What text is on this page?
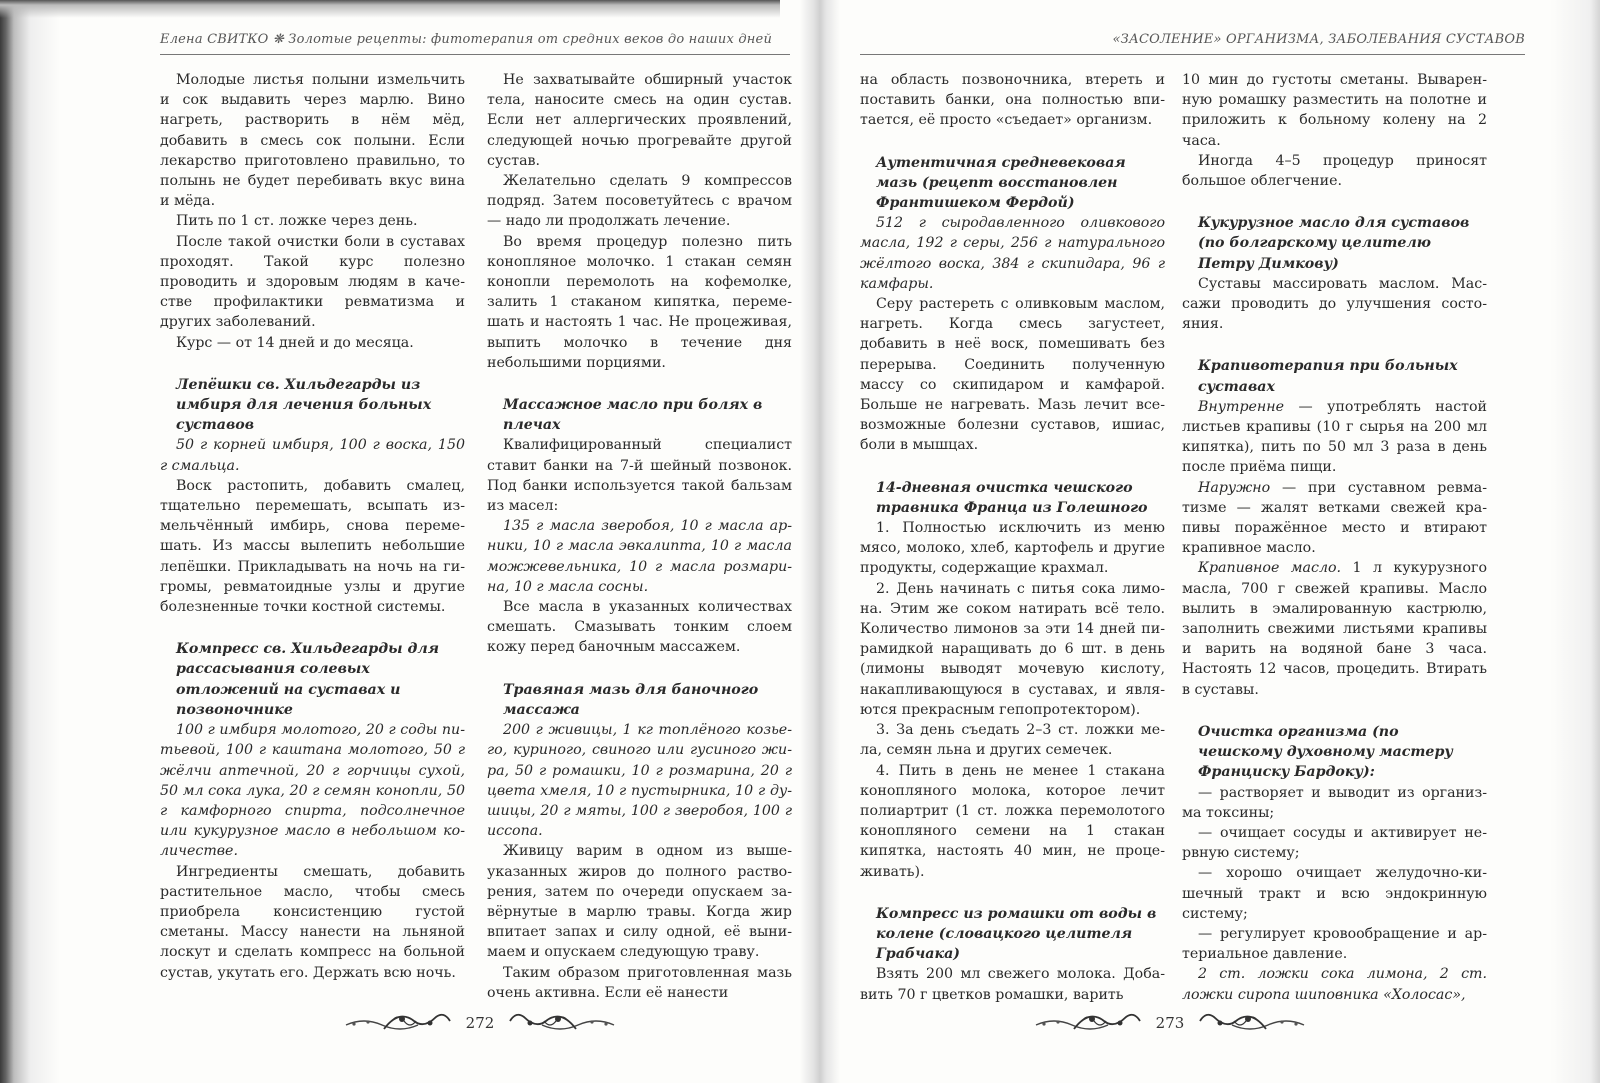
Елена СВИТКО ❋ Золотые рецепты: фитотерапия от средних веков до наших дней

Молодые листья полыни измельчить и сок выдавить через марлю. Вино нагреть, растворить в нём мёд, добавить в смесь сок полыни. Если лекарство приготовлено правильно, то полынь не будет перебивать вкус вина и мёда.

Пить по 1 ст. ложке через день.

После такой очистки боли в суставах проходят. Такой курс полезно проводить и здоровым людям в качестве профилактики ревматизма и других заболеваний.

Курс — от 14 дней и до месяца.

Лепёшки св. Хильдегарды из имбиря для лечения больных суставов

50 г корней имбиря, 100 г воска, 150 г смальца.

Воск растопить, добавить смалец, тщательно перемешать, всыпать измельчённый имбирь, снова перемешать. Из массы вылепить небольшие лепёшки. Прикладывать на ночь на гигромы, ревматоидные узлы и другие болезненные точки костной системы.

Компресс св. Хильдегарды для рассасывания солевых отложений на суставах и позвоночнике

100 г имбиря молотого, 20 г соды питьевой, 100 г каштана молотого, 50 г жёлчи аптечной, 20 г горчицы сухой, 50 мл сока лука, 20 г семян конопли, 50 г камфорного спирта, подсолнечное или кукурузное масло в небольшом количестве.

Ингредиенты смешать, добавить растительное масло, чтобы смесь приобрела консистенцию густой сметаны. Массу нанести на льняной лоскут и сделать компресс на больной сустав, укутать его. Держать всю ночь.

Не захватывайте обширный участок тела, наносите смесь на один сустав. Если нет аллергических проявлений, следующей ночью прогревайте другой сустав.

Желательно сделать 9 компрессов подряд. Затем посоветуйтесь с врачом — надо ли продолжать лечение.

Во время процедур полезно пить конопляное молочко. 1 стакан семян конопли перемолоть на кофемолке, залить 1 стаканом кипятка, перемешать и настоять 1 час. Не процеживая, выпить молочко в течение дня небольшими порциями.

Массажное масло при болях в плечах

Квалифицированный специалист ставит банки на 7-й шейный позвонок. Под банки используется такой бальзам из масел:

135 г масла зверобоя, 10 г масла арники, 10 г масла эвкалипта, 10 г масла можжевельника, 10 г масла розмарина, 10 г масла сосны.

Все масла в указанных количествах смешать. Смазывать тонким слоем кожу перед баночным массажем.

Травяная мазь для баночного массажа

200 г живицы, 1 кг топлёного козьего, куриного, свиного или гусиного жира, 50 г ромашки, 10 г розмарина, 20 г цвета хмеля, 10 г пустырника, 10 г душицы, 20 г мяты, 100 г зверобоя, 100 г иссопа.

Живицу варим в одном из вышеуказанных жиров до полного растворения, затем по очереди опускаем завёрнутые в марлю травы. Когда жир впитает запах и силу одной, её вынимаем и опускаем следующую траву.

Таким образом приготовленная мазь очень активна. Если её нанести

272
«ЗАСОЛЕНИЕ» ОРГАНИЗМА, ЗАБОЛЕВАНИЯ СУСТАВОВ

на область позвоночника, втереть и поставить банки, она полностью впитается, её просто «съедает» организм.

Аутентичная средневековая мазь (рецепт восстановлен Франтишеком Фердой)

512 г сыродавленного оливкового масла, 192 г серы, 256 г натурального жёлтого воска, 384 г скипидара, 96 г камфары.

Серу растереть с оливковым маслом, нагреть. Когда смесь загустеет, добавить в неё воск, помешивать без перерыва. Соединить полученную массу со скипидаром и камфарой. Больше не нагревать. Мазь лечит всевозможные болезни суставов, ишиас, боли в мышцах.

14-дневная очистка чешского травника Франца из Голешного

1. Полностью исключить из меню мясо, молоко, хлеб, картофель и другие продукты, содержащие крахмал.

2. День начинать с питья сока лимона. Этим же соком натирать всё тело. Количество лимонов за эти 14 дней пирамидкой наращивать до 6 шт. в день (лимоны выводят мочевую кислоту, накапливающуюся в суставах, и являются прекрасным гепопротектором).

3. За день съедать 2–3 ст. ложки мела, семян льна и других семечек.

4. Пить в день не менее 1 стакана конопляного молока, которое лечит полиартрит (1 ст. ложка перемолотого конопляного семени на 1 стакан кипятка, настоять 40 мин, не процеживать).

Компресс из ромашки от воды в колене (словацкого целителя Грабчака)

Взять 200 мл свежего молока. Добавить 70 г цветков ромашки, варить

10 мин до густоты сметаны. Вываренную ромашку разместить на полотне и приложить к больному колену на 2 часа.

Иногда 4–5 процедур приносят большое облегчение.

Кукурузное масло для суставов (по болгарскому целителю Петру Димкову)

Суставы массировать маслом. Массажи проводить до улучшения состояния.

Крапивотерапия при больных суставах

Внутренне — употреблять настой листьев крапивы (10 г сырья на 200 мл кипятка), пить по 50 мл 3 раза в день после приёма пищи.

Наружно — при суставном ревматизме — жалят ветками свежей крапивы поражённое место и втирают крапивное масло.

Крапивное масло. 1 л кукурузного масла, 700 г свежей крапивы. Масло вылить в эмалированную кастрюлю, заполнить свежими листьями крапивы и варить на водяной бане 3 часа. Настоять 12 часов, процедить. Втирать в суставы.

Очистка организма (по чешскому духовному мастеру Франциску Бардоку):

— растворяет и выводит из организма токсины;

— очищает сосуды и активирует нервную систему;

— хорошо очищает желудочно-кишечный тракт и всю эндокринную систему;

— регулирует кровообращение и артериальное давление.

2 ст. ложки сока лимона, 2 ст. ложки сиропа шиповника «Холосас»,

273
